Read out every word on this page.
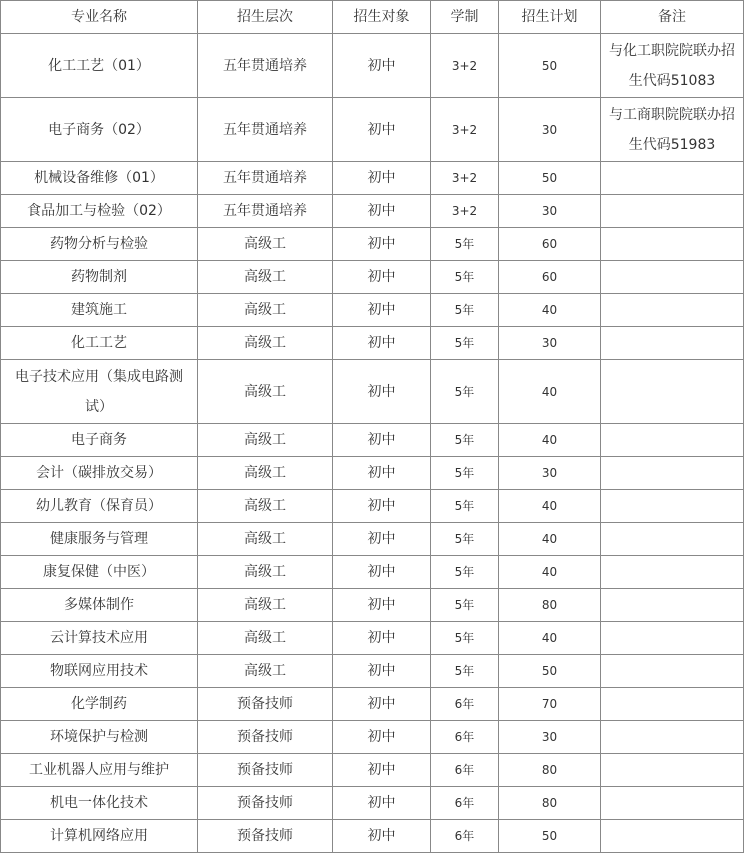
专业名称	招生层次	招生对象	学制	招生计划	备注
化工工艺（01）	五年贯通培养	初中	3+2	50	与化工职院院联办招生代码51083
电子商务（02）	五年贯通培养	初中	3+2	30	与工商职院院联办招生代码51983
机械设备维修（01）	五年贯通培养	初中	3+2	50	
食品加工与检验（02）	五年贯通培养	初中	3+2	30	
药物分析与检验	高级工	初中	5年	60	
药物制剂	高级工	初中	5年	60	
建筑施工	高级工	初中	5年	40	
化工工艺	高级工	初中	5年	30	
电子技术应用（集成电路测试）	高级工	初中	5年	40	
电子商务	高级工	初中	5年	40	
会计（碳排放交易）	高级工	初中	5年	30	
幼儿教育（保育员）	高级工	初中	5年	40	
健康服务与管理	高级工	初中	5年	40	
康复保健（中医）	高级工	初中	5年	40	
多媒体制作	高级工	初中	5年	80	
云计算技术应用	高级工	初中	5年	40	
物联网应用技术	高级工	初中	5年	50	
化学制药	预备技师	初中	6年	70	
环境保护与检测	预备技师	初中	6年	30	
工业机器人应用与维护	预备技师	初中	6年	80	
机电一体化技术	预备技师	初中	6年	80	
计算机网络应用	预备技师	初中	6年	50	
